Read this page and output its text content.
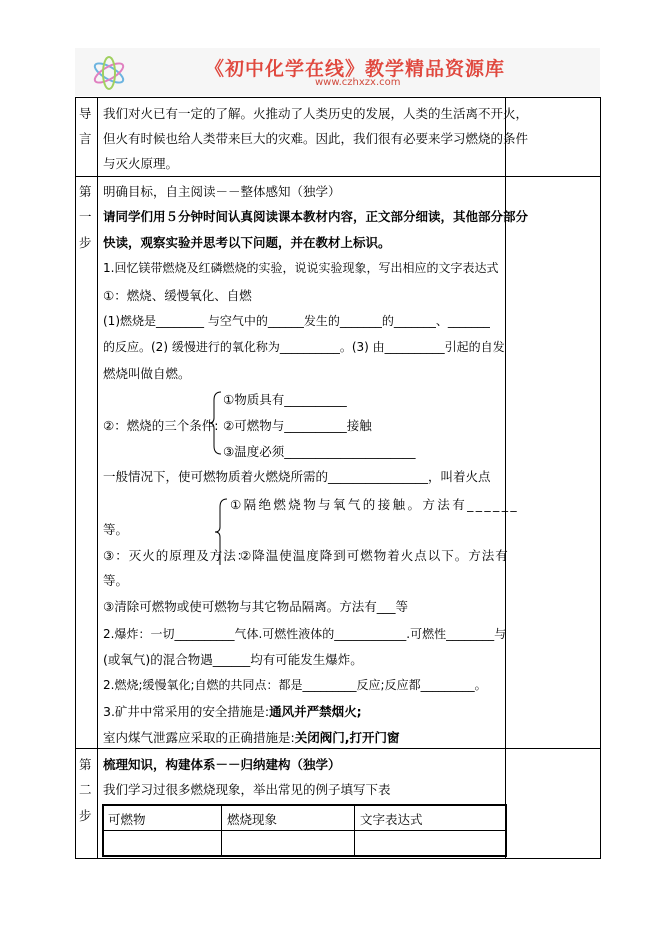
《初中化学在线》教学精品资源库
www.czhxzx.com
导
言
我们对火已有一定的了解。火推动了人类历史的发展，人类的生活离不开火，
但火有时候也给人类带来巨大的灾难。因此，我们很有必要来学习燃烧的条件
与灭火原理。
第
一
步
明确目标，自主阅读－－整体感知（独学）
请同学们用５分钟时间认真阅读课本教材内容，正文部分细读，其他部分部分
快读，观察实验并思考以下问题，并在教材上标识。
1.回忆镁带燃烧及红磷燃烧的实验，说说实验现象，写出相应的文字表达式
①：燃烧、缓慢氧化、自燃
(1)燃烧是________ 与空气中的______发生的_______的_______、_______
的反应。(2) 缓慢进行的氧化称为__________。(3) 由__________引起的自发
燃烧叫做自燃。
②：燃烧的三个条件:
①物质具有__________
②可燃物与__________接触
③温度必须_____________________
一般情况下，使可燃物质着火燃烧所需的________________，叫着火点
①隔绝燃烧物与氧气的接触。方法有______
等。
③：灭火的原理及方法：
②降温使温度降到可燃物着火点以下。方法有
等。
③清除可燃物或使可燃物与其它物品隔离。方法有___等
2.爆炸：一切__________气体.可燃性液体的____________.可燃性________与
(或氧气)的混合物遇______均有可能发生爆炸。
2.燃烧;缓慢氧化;自燃的共同点：都是_________反应;反应都_________。
3.矿井中常采用的安全措施是:通风并严禁烟火;
室内煤气泄露应采取的正确措施是:关闭阀门,打开门窗
第
二
步
梳理知识，构建体系－－归纳建构（独学）
我们学习过很多燃烧现象，举出常见的例子填写下表
可燃物	燃烧现象	文字表达式
